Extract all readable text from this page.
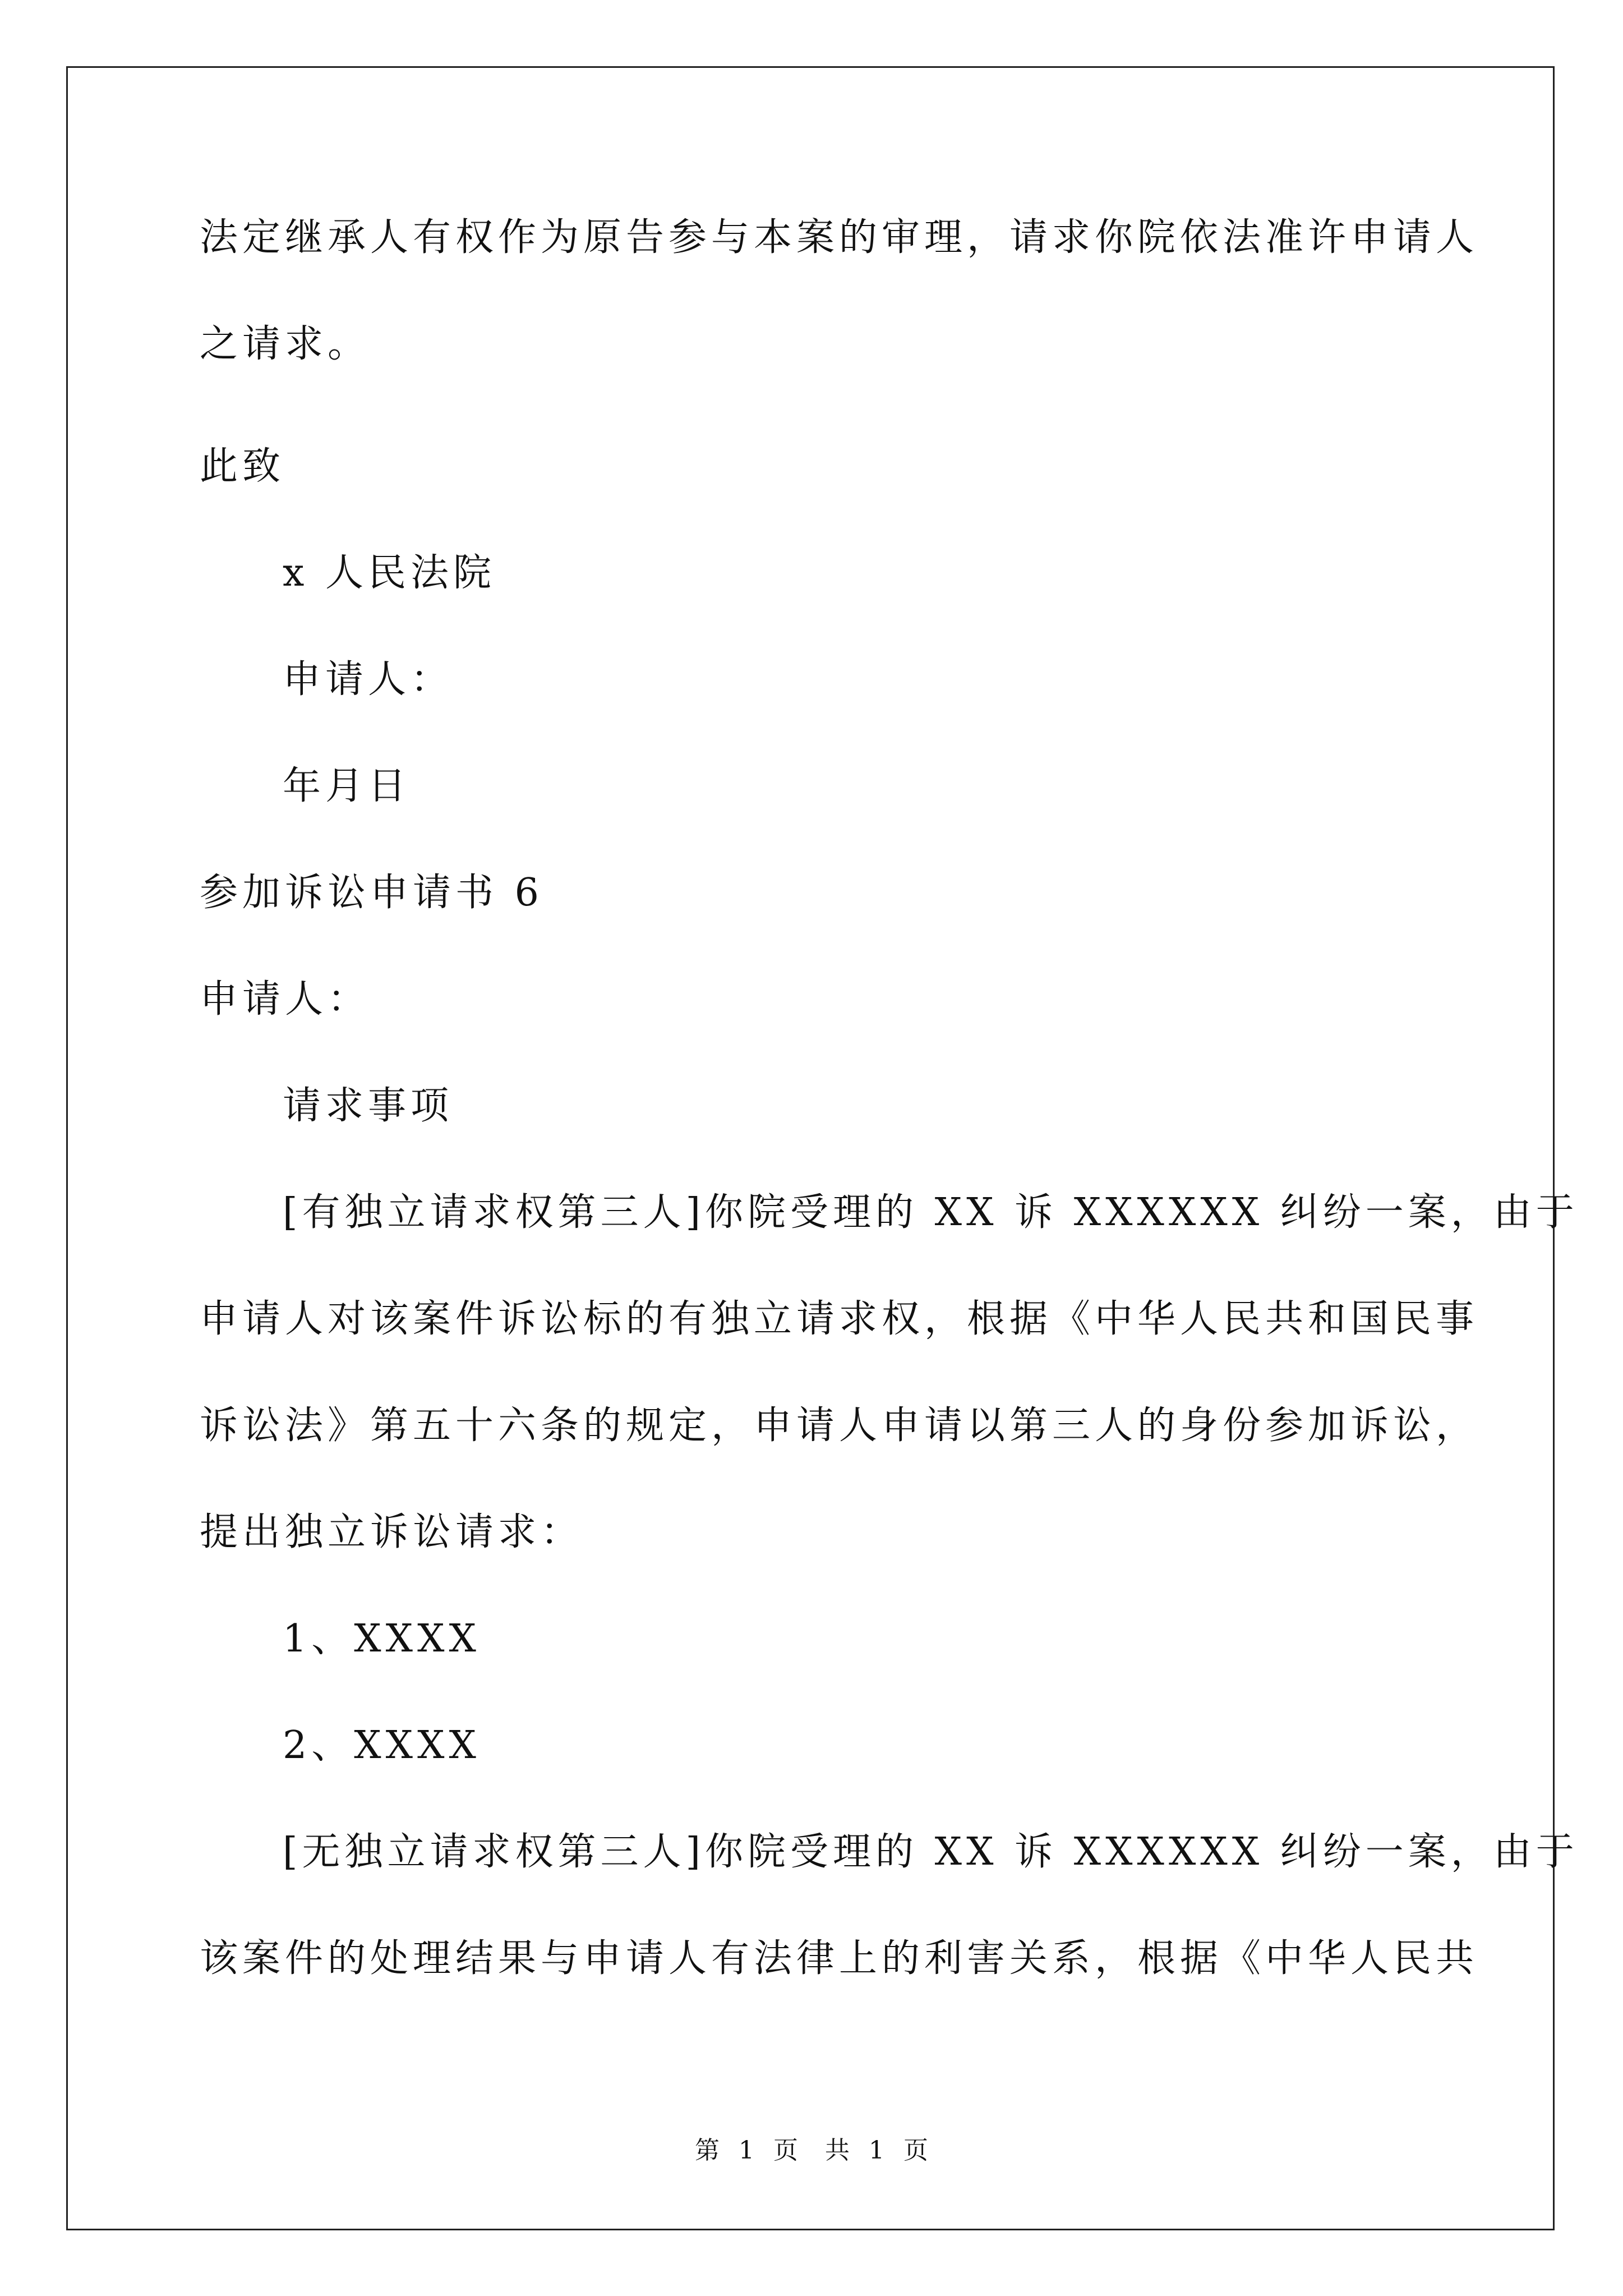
法定继承人有权作为原告参与本案的审理，请求你院依法准许申请人
之请求。
此致
x 人民法院
申请人：
年月日
参加诉讼申请书 6
申请人：
请求事项
[有独立请求权第三人]你院受理的 XX 诉 XXXXXX 纠纷一案，由于
申请人对该案件诉讼标的有独立请求权，根据《中华人民共和国民事
诉讼法》第五十六条的规定，申请人申请以第三人的身份参加诉讼，
提出独立诉讼请求：
1、XXXX
2、XXXX
[无独立请求权第三人]你院受理的 XX 诉 XXXXXX 纠纷一案，由于
该案件的处理结果与申请人有法律上的利害关系，根据《中华人民共
第 1 页 共 1 页
